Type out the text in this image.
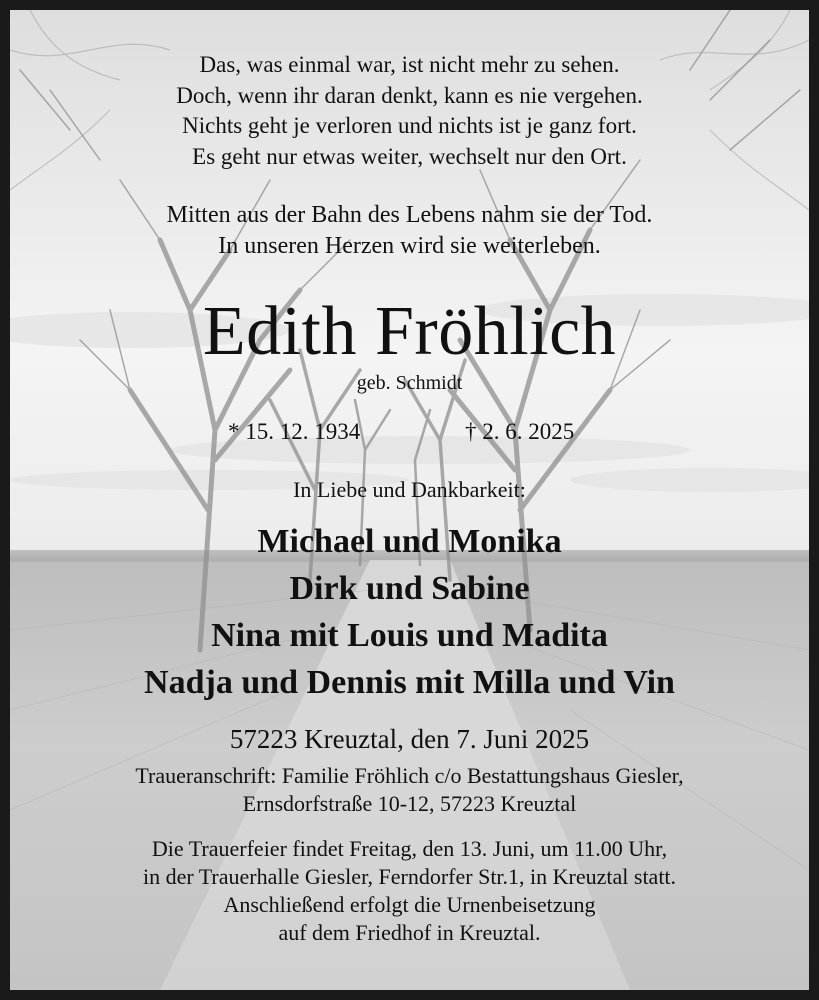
Das, was einmal war, ist nicht mehr zu sehen.
Doch, wenn ihr daran denkt, kann es nie vergehen.
Nichts geht je verloren und nichts ist je ganz fort.
Es geht nur etwas weiter, wechselt nur den Ort.
Mitten aus der Bahn des Lebens nahm sie der Tod.
In unseren Herzen wird sie weiterleben.
Edith Fröhlich
geb. Schmidt
* 15. 12. 1934	† 2. 6. 2025
In Liebe und Dankbarkeit:
Michael und Monika
Dirk und Sabine
Nina mit Louis und Madita
Nadja und Dennis mit Milla und Vin
57223 Kreuztal, den 7. Juni 2025
Traueranschrift: Familie Fröhlich c/o Bestattungshaus Giesler,
Ernsdorfstraße 10-12, 57223 Kreuztal
Die Trauerfeier findet Freitag, den 13. Juni, um 11.00 Uhr,
in der Trauerhalle Giesler, Ferndorfer Str.1, in Kreuztal statt.
Anschließend erfolgt die Urnenbeisetzung
auf dem Friedhof in Kreuztal.
